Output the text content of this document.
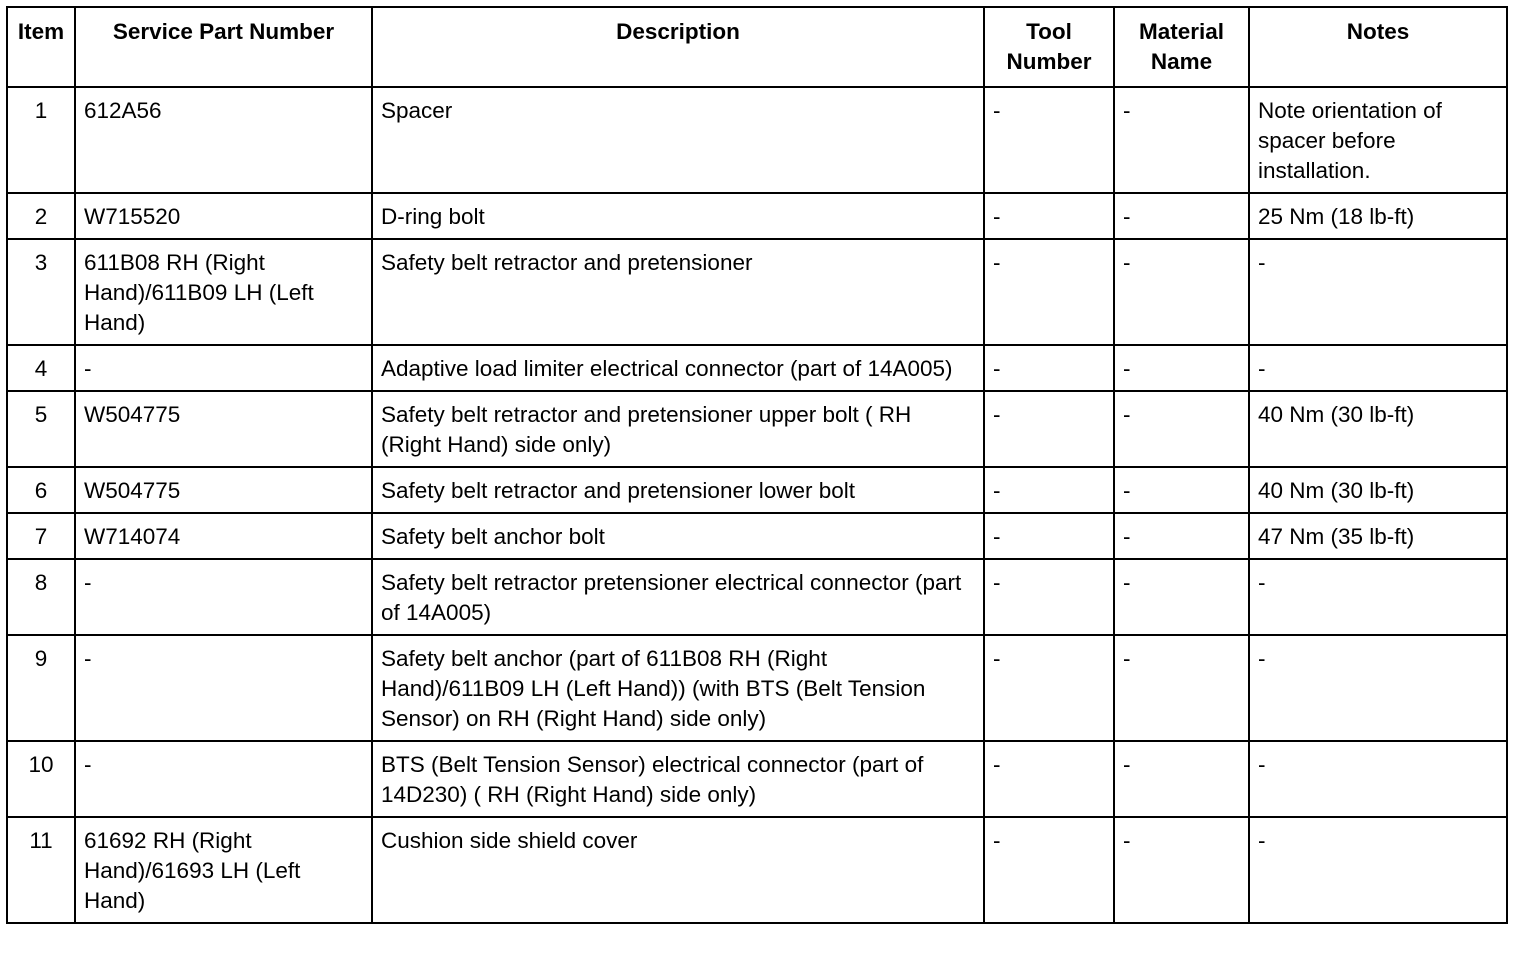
Item	Service Part Number	Description	Tool Number	Material Name	Notes
1	612A56	Spacer	-	-	Note orientation of spacer before installation.
2	W715520	D-ring bolt	-	-	25 Nm (18 lb-ft)
3	611B08 RH (Right Hand)/611B09 LH (Left Hand)	Safety belt retractor and pretensioner	-	-	-
4	-	Adaptive load limiter electrical connector (part of 14A005)	-	-	-
5	W504775	Safety belt retractor and pretensioner upper bolt ( RH (Right Hand) side only)	-	-	40 Nm (30 lb-ft)
6	W504775	Safety belt retractor and pretensioner lower bolt	-	-	40 Nm (30 lb-ft)
7	W714074	Safety belt anchor bolt	-	-	47 Nm (35 lb-ft)
8	-	Safety belt retractor pretensioner electrical connector (part of 14A005)	-	-	-
9	-	Safety belt anchor (part of 611B08 RH (Right Hand)/611B09 LH (Left Hand)) (with BTS (Belt Tension Sensor) on RH (Right Hand) side only)	-	-	-
10	-	BTS (Belt Tension Sensor) electrical connector (part of 14D230) ( RH (Right Hand) side only)	-	-	-
11	61692 RH (Right Hand)/61693 LH (Left Hand)	Cushion side shield cover	-	-	-
